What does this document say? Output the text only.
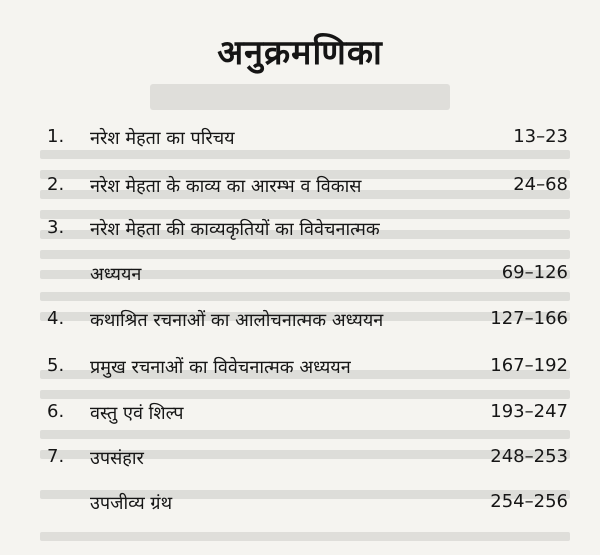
अनुक्रमणिका
1. नरेश मेहता का परिचय	13–23
2. नरेश मेहता के काव्य का आरम्भ व विकास	24–68
3. नरेश मेहता की काव्यकृतियों का विवेचनात्मक
अध्ययन	69–126
4. कथाश्रित रचनाओं का आलोचनात्मक अध्ययन	127–166
5. प्रमुख रचनाओं का विवेचनात्मक अध्ययन	167–192
6. वस्तु एवं शिल्प	193–247
7. उपसंहार	248–253
उपजीव्य ग्रंथ	254–256
